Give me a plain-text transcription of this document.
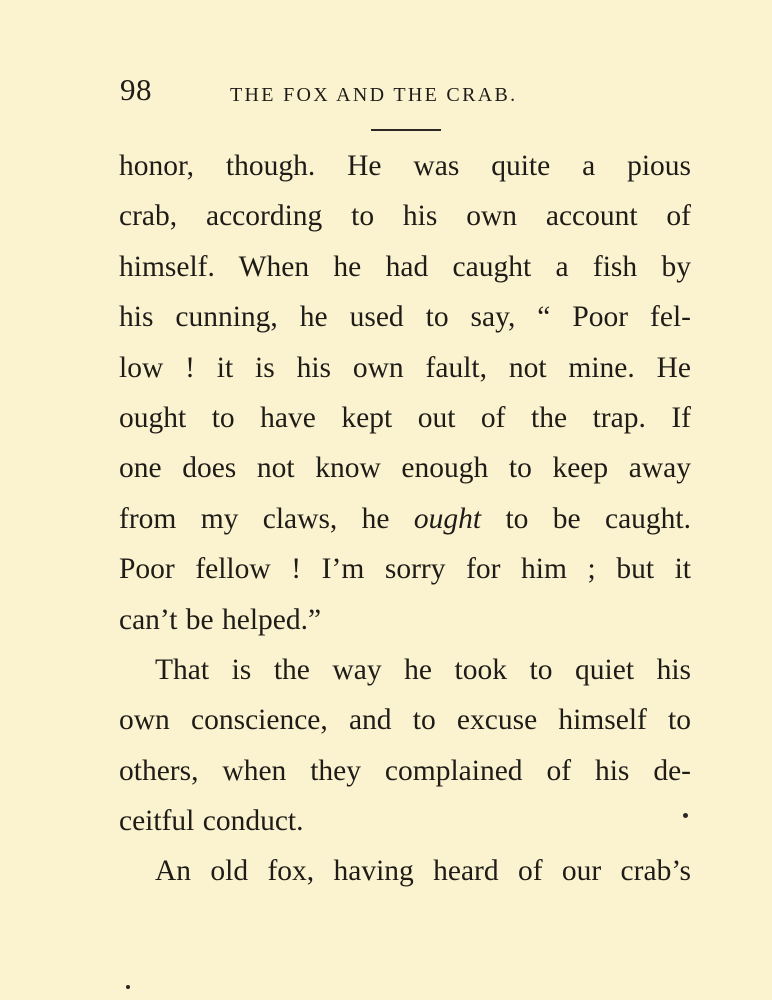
98	THE FOX AND THE CRAB.
honor, though. He was quite a pious
crab, according to his own account of
himself. When he had caught a fish by
his cunning, he used to say, “ Poor fel-
low ! it is his own fault, not mine. He
ought to have kept out of the trap. If
one does not know enough to keep away
from my claws, he ought to be caught.
Poor fellow ! I’m sorry for him ; but it
can’t be helped.”
That is the way he took to quiet his
own conscience, and to excuse himself to
others, when they complained of his de-
ceitful conduct.
An old fox, having heard of our crab’s
